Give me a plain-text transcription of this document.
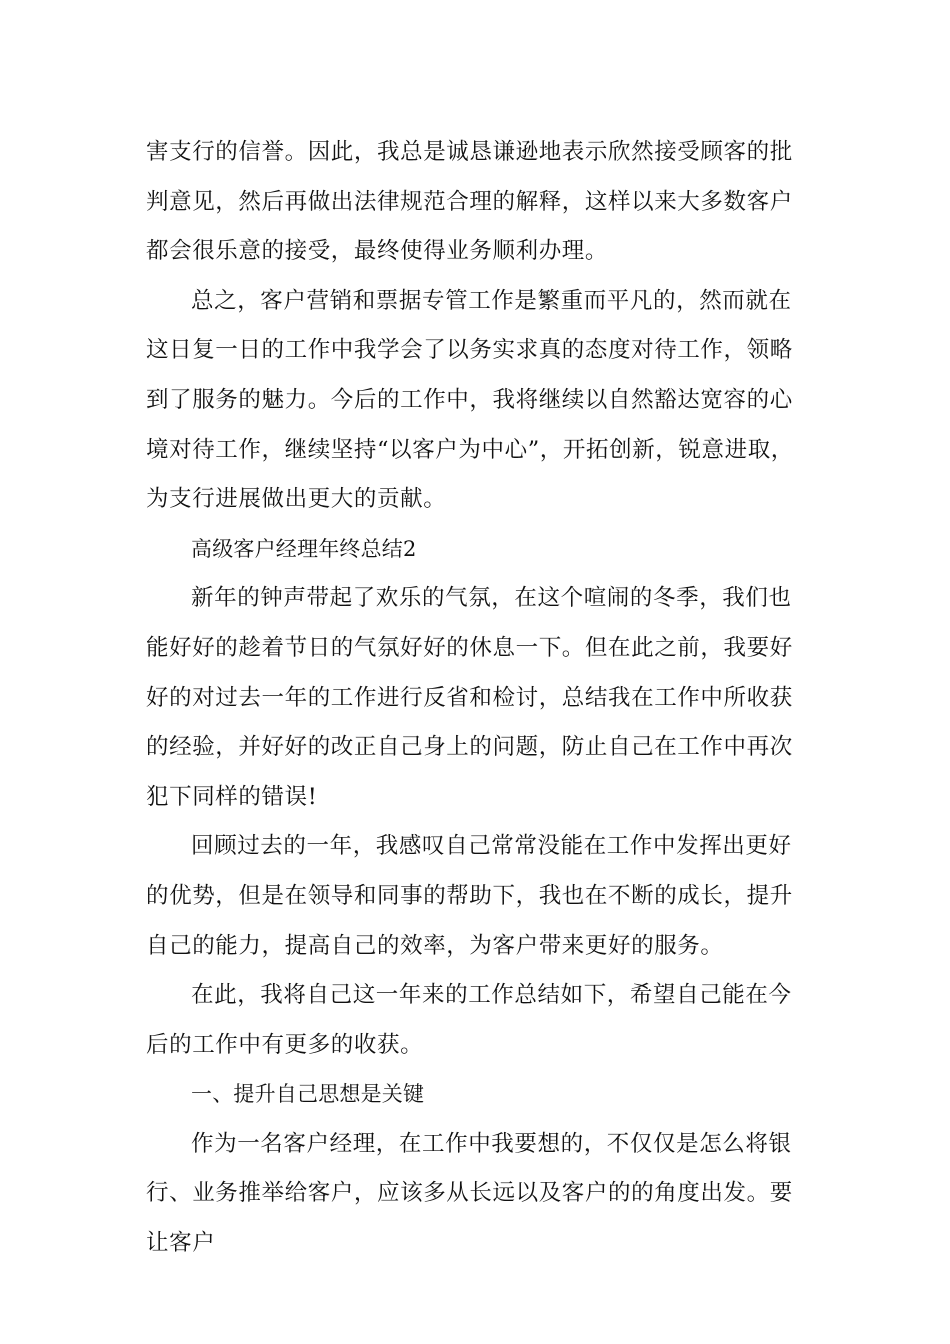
害支行的信誉。因此，我总是诚恳谦逊地表示欣然接受顾客的批判意见，然后再做出法律规范合理的解释，这样以来大多数客户都会很乐意的接受，最终使得业务顺利办理。

总之，客户营销和票据专管工作是繁重而平凡的，然而就在这日复一日的工作中我学会了以务实求真的态度对待工作，领略到了服务的魅力。今后的工作中，我将继续以自然豁达宽容的心境对待工作，继续坚持“以客户为中心”，开拓创新，锐意进取，为支行进展做出更大的贡献。

高级客户经理年终总结2

新年的钟声带起了欢乐的气氛，在这个喧闹的冬季，我们也能好好的趁着节日的气氛好好的休息一下。但在此之前，我要好好的对过去一年的工作进行反省和检讨，总结我在工作中所收获的经验，并好好的改正自己身上的问题，防止自己在工作中再次犯下同样的错误!

回顾过去的一年，我感叹自己常常没能在工作中发挥出更好的优势，但是在领导和同事的帮助下，我也在不断的成长，提升自己的能力，提高自己的效率，为客户带来更好的服务。

在此，我将自己这一年来的工作总结如下，希望自己能在今后的工作中有更多的收获。

一、提升自己思想是关键

作为一名客户经理，在工作中我要想的，不仅仅是怎么将银行、业务推举给客户，应该多从长远以及客户的的角度出发。要让客户
